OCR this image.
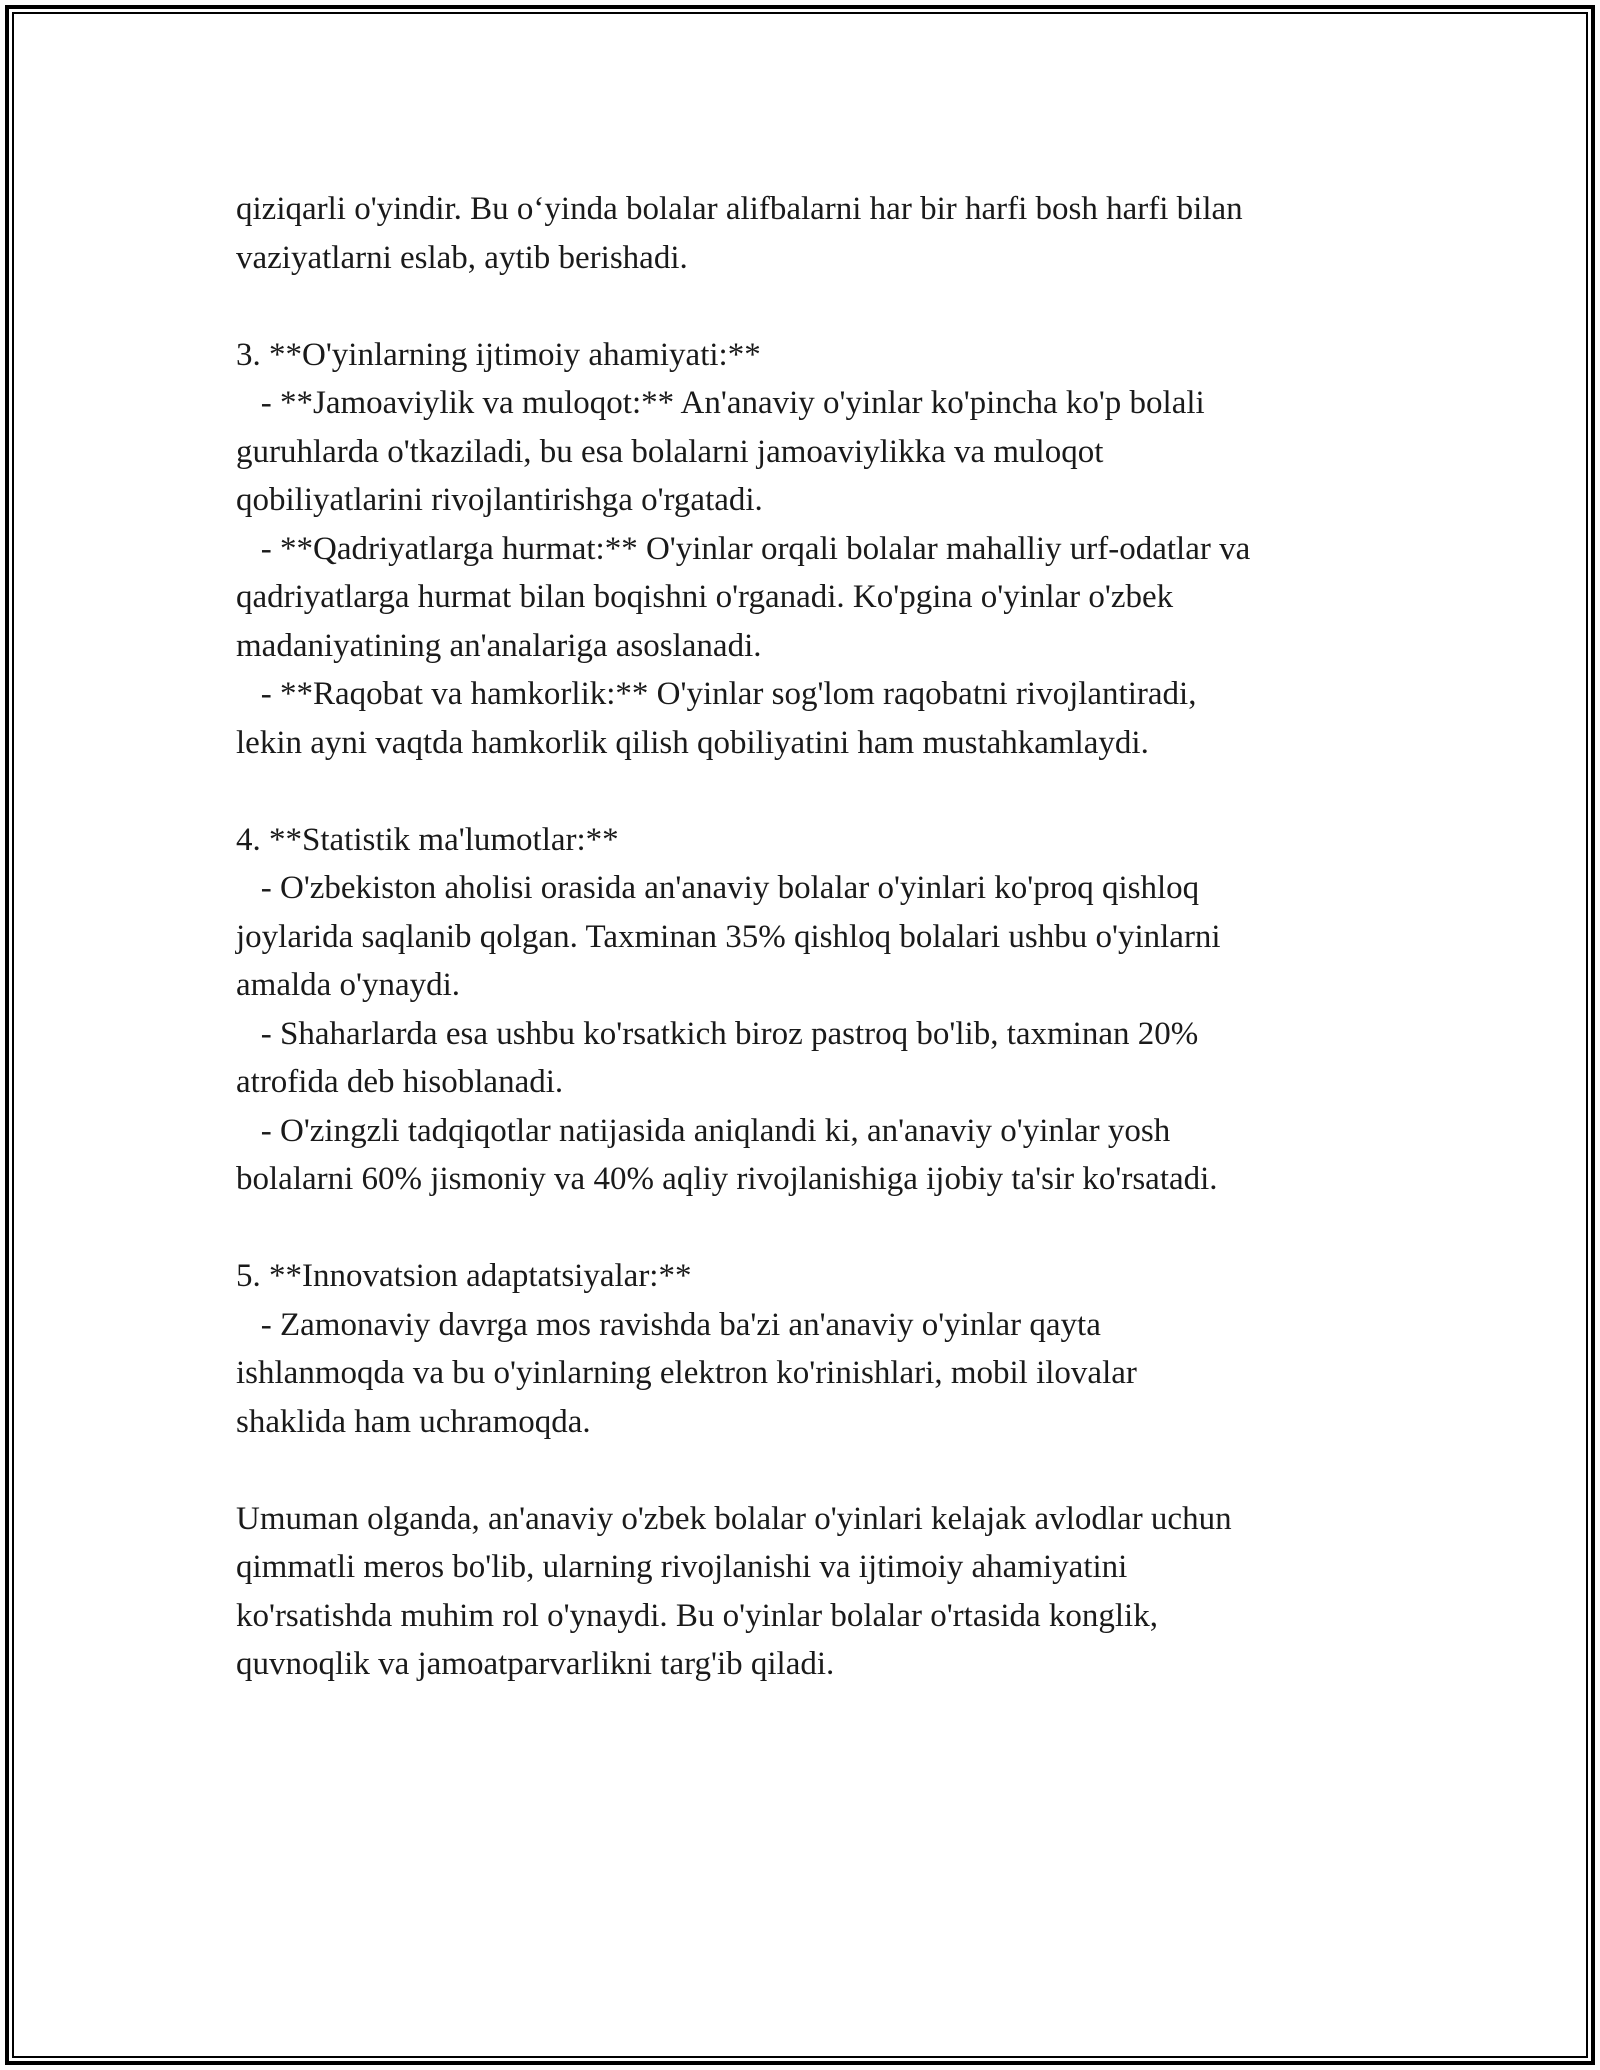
qiziqarli o'yindir. Bu o‘yinda bolalar alifbalarni har bir harfi bosh harfi bilan
vaziyatlarni eslab, aytib berishadi.
3. **O'yinlarning ijtimoiy ahamiyati:**
- **Jamoaviylik va muloqot:** An'anaviy o'yinlar ko'pincha ko'p bolali
guruhlarda o'tkaziladi, bu esa bolalarni jamoaviylikka va muloqot
qobiliyatlarini rivojlantirishga o'rgatadi.
- **Qadriyatlarga hurmat:** O'yinlar orqali bolalar mahalliy urf-odatlar va
qadriyatlarga hurmat bilan boqishni o'rganadi. Ko'pgina o'yinlar o'zbek
madaniyatining an'analariga asoslanadi.
- **Raqobat va hamkorlik:** O'yinlar sog'lom raqobatni rivojlantiradi,
lekin ayni vaqtda hamkorlik qilish qobiliyatini ham mustahkamlaydi.
4. **Statistik ma'lumotlar:**
- O'zbekiston aholisi orasida an'anaviy bolalar o'yinlari ko'proq qishloq
joylarida saqlanib qolgan. Taxminan 35% qishloq bolalari ushbu o'yinlarni
amalda o'ynaydi.
- Shaharlarda esa ushbu ko'rsatkich biroz pastroq bo'lib, taxminan 20%
atrofida deb hisoblanadi.
- O'zingzli tadqiqotlar natijasida aniqlandi ki, an'anaviy o'yinlar yosh
bolalarni 60% jismoniy va 40% aqliy rivojlanishiga ijobiy ta'sir ko'rsatadi.
5. **Innovatsion adaptatsiyalar:**
- Zamonaviy davrga mos ravishda ba'zi an'anaviy o'yinlar qayta
ishlanmoqda va bu o'yinlarning elektron ko'rinishlari, mobil ilovalar
shaklida ham uchramoqda.
Umuman olganda, an'anaviy o'zbek bolalar o'yinlari kelajak avlodlar uchun
qimmatli meros bo'lib, ularning rivojlanishi va ijtimoiy ahamiyatini
ko'rsatishda muhim rol o'ynaydi. Bu o'yinlar bolalar o'rtasida konglik,
quvnoqlik va jamoatparvarlikni targ'ib qiladi.
